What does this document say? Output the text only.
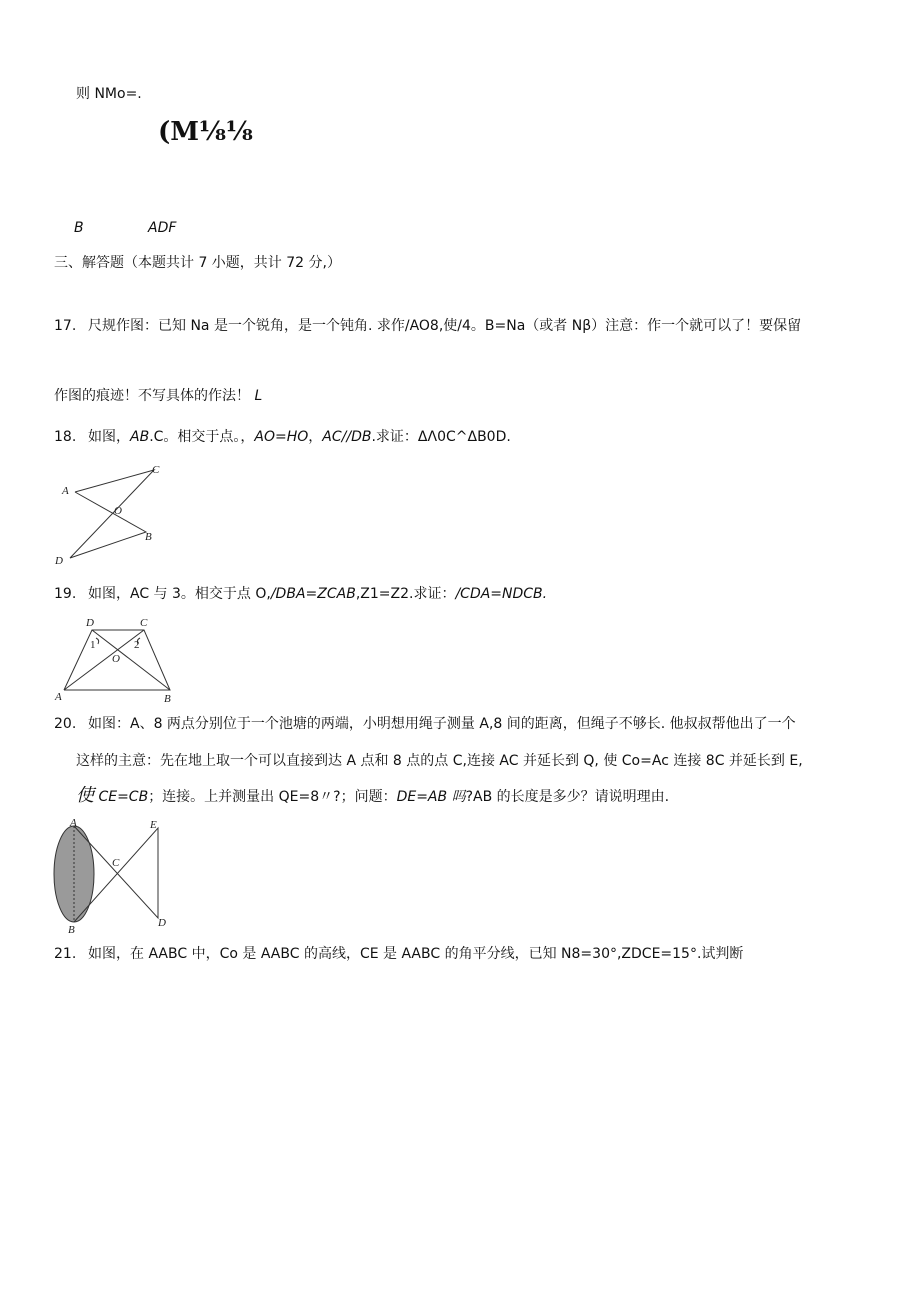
则 NMo=.
(M⅛⅛
B	ADF
三、解答题（本题共计 7 小题，共计 72 分,）
17. 尺规作图：已知 Na 是一个锐角，是一个钝角. 求作/AO8,使/4。B=Na（或者 Nβ）注意：作一个就可以了！要保留
作图的痕迹！不写具体的作法！ L
18. 如图，AB.C。相交于点。，AO=HO，AC//DB.求证：ΔΛ0C^ΔB0D.
A
C
O
B
D
19. 如图，AC 与 3。相交于点 O,/DBA=ZCAB,Z1=Z2.求证：/CDA=NDCB.
D	C
1	2
O
A	B
20. 如图：A、8 两点分别位于一个池塘的两端，小明想用绳子测量 A,8 间的距离，但绳子不够长. 他叔叔帮他出了一个
这样的主意：先在地上取一个可以直接到达 A 点和 8 点的点 C,连接 AC 并延长到 Q, 使 Co=Ac 连接 8C 并延长到 E,
使 CE=CB；连接。上并测量出 QE=8〃?；问题：DE=AB 吗?AB 的长度是多少？请说明理由.
A	E
C
B
D
21. 如图，在 AABC 中，Co 是 AABC 的高线，CE 是 AABC 的角平分线，已知 N8=30°,ZDCE=15°.试判断
